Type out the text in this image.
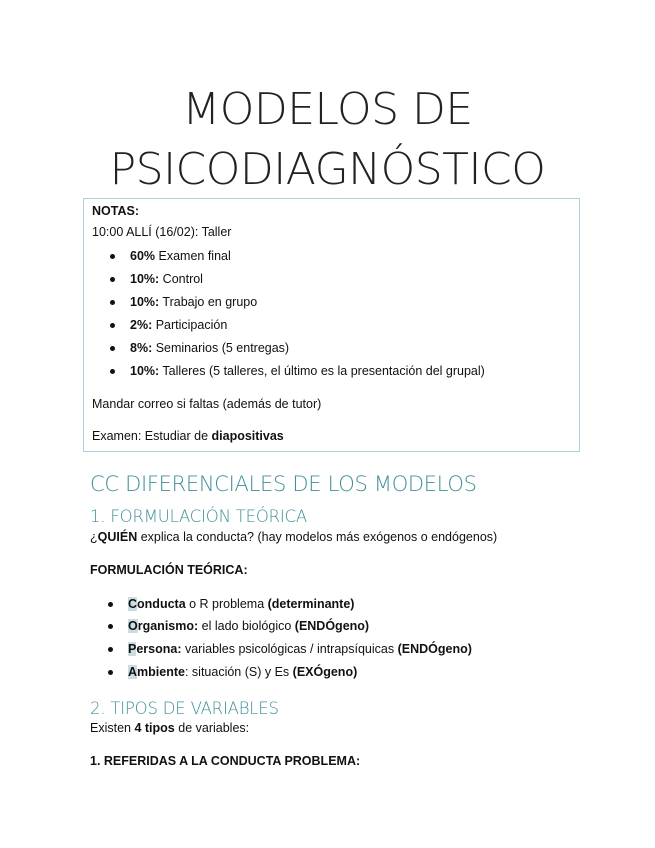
MODELOS DE
PSICODIAGNÓSTICO
NOTAS:
10:00 ALLÍ (16/02): Taller
60% Examen final
10%: Control
10%: Trabajo en grupo
2%: Participación
8%: Seminarios (5 entregas)
10%: Talleres (5 talleres, el último es la presentación del grupal)
Mandar correo si faltas (además de tutor)
Examen: Estudiar de diapositivas
CC DIFERENCIALES DE LOS MODELOS
1. FORMULACIÓN TEÓRICA
¿QUIÉN explica la conducta? (hay modelos más exógenos o endógenos)
FORMULACIÓN TEÓRICA:
Conducta o R problema (determinante)
Organismo: el lado biológico (ENDÓgeno)
Persona: variables psicológicas / intrapsíquicas (ENDÓgeno)
Ambiente: situación (S) y Es (EXÓgeno)
2. TIPOS DE VARIABLES
Existen 4 tipos de variables:
1. REFERIDAS A LA CONDUCTA PROBLEMA:
